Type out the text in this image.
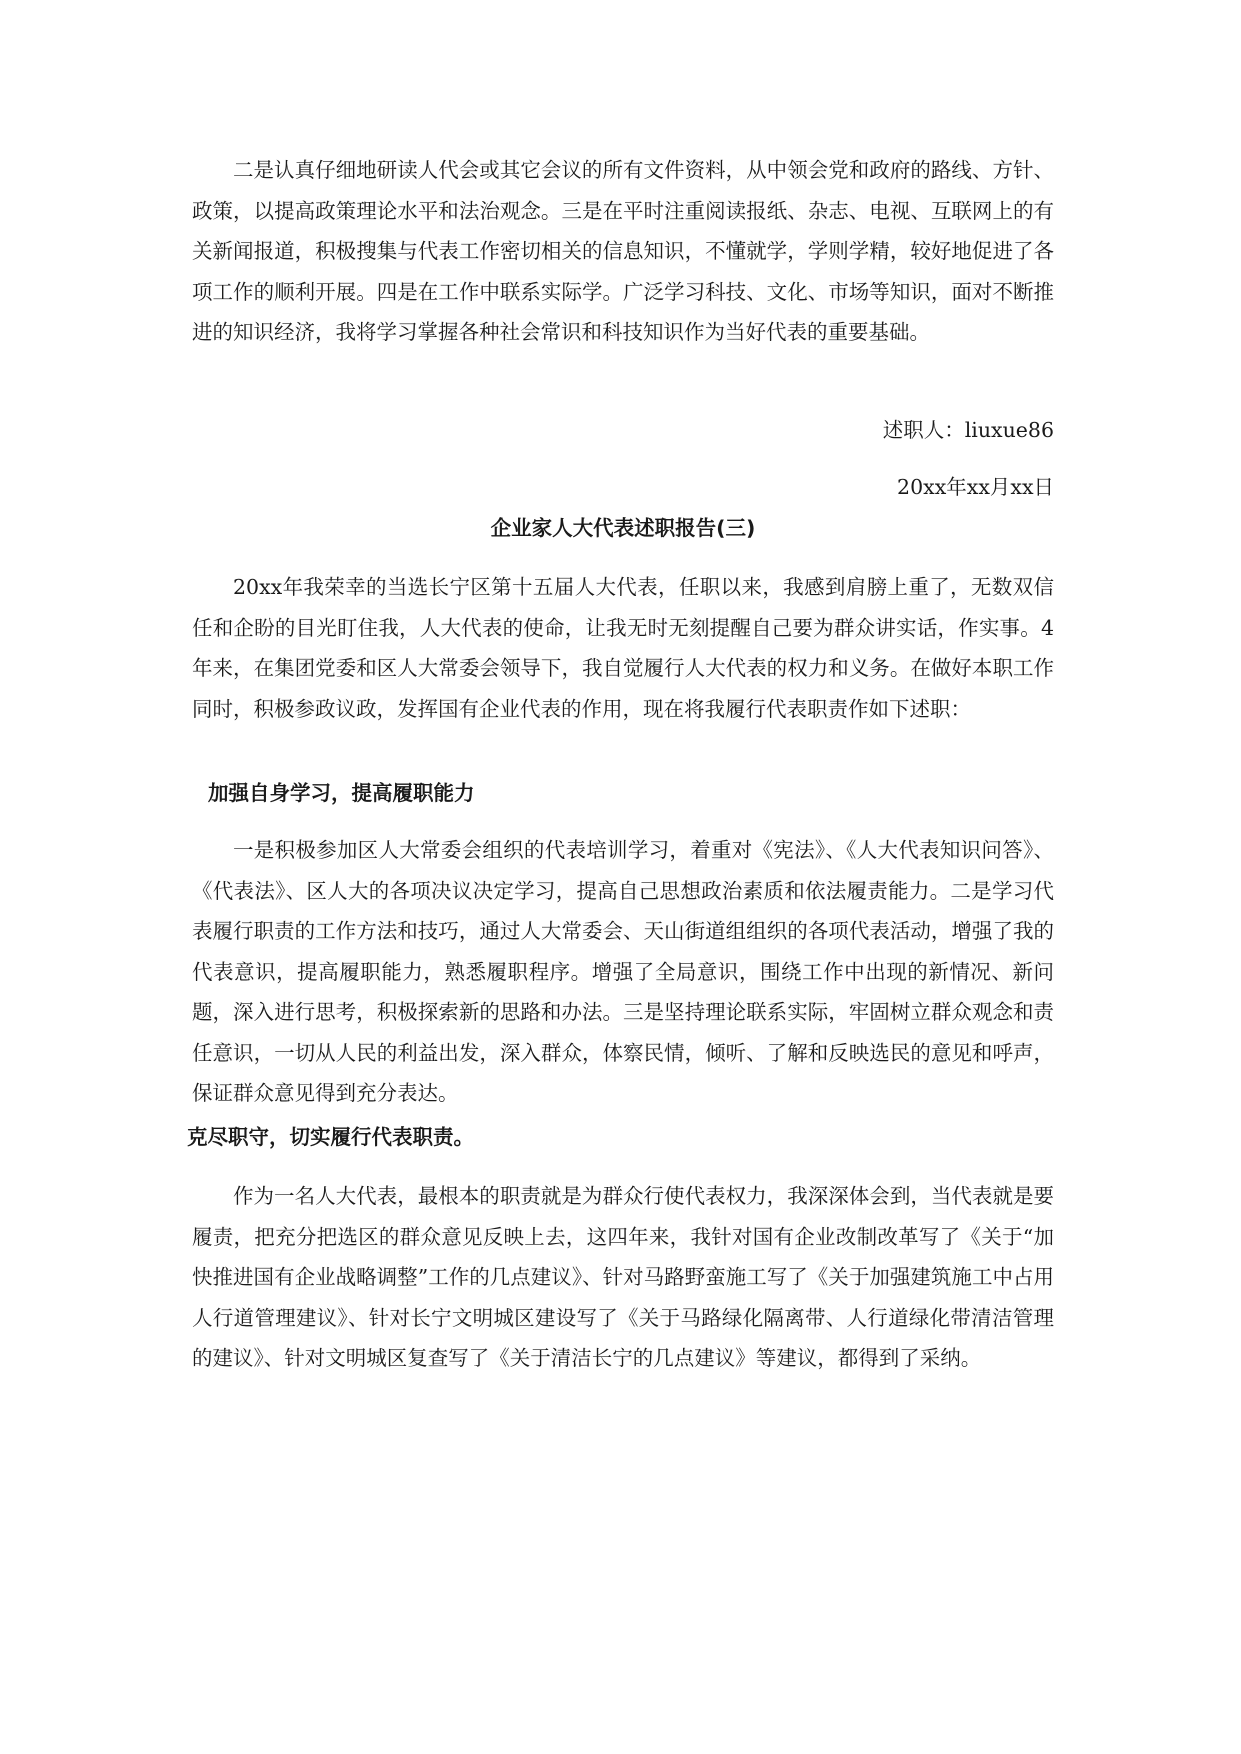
二是认真仔细地研读人代会或其它会议的所有文件资料，从中领会党和政府的路线、方针、政策，以提高政策理论水平和法治观念。三是在平时注重阅读报纸、杂志、电视、互联网上的有关新闻报道，积极搜集与代表工作密切相关的信息知识，不懂就学，学则学精，较好地促进了各项工作的顺利开展。四是在工作中联系实际学。广泛学习科技、文化、市场等知识，面对不断推进的知识经济，我将学习掌握各种社会常识和科技知识作为当好代表的重要基础。

述职人：liuxue86
20xx年xx月xx日
企业家人大代表述职报告(三)

20xx年我荣幸的当选长宁区第十五届人大代表，任职以来，我感到肩膀上重了，无数双信任和企盼的目光盯住我，人大代表的使命，让我无时无刻提醒自己要为群众讲实话，作实事。4年来，在集团党委和区人大常委会领导下，我自觉履行人大代表的权力和义务。在做好本职工作同时，积极参政议政，发挥国有企业代表的作用，现在将我履行代表职责作如下述职：

加强自身学习，提高履职能力

一是积极参加区人大常委会组织的代表培训学习，着重对《宪法》、《人大代表知识问答》、《代表法》、区人大的各项决议决定学习，提高自己思想政治素质和依法履责能力。二是学习代表履行职责的工作方法和技巧，通过人大常委会、天山街道组组织的各项代表活动，增强了我的代表意识，提高履职能力，熟悉履职程序。增强了全局意识，围绕工作中出现的新情况、新问题，深入进行思考，积极探索新的思路和办法。三是坚持理论联系实际，牢固树立群众观念和责任意识，一切从人民的利益出发，深入群众，体察民情，倾听、了解和反映选民的意见和呼声，保证群众意见得到充分表达。

克尽职守，切实履行代表职责。

作为一名人大代表，最根本的职责就是为群众行使代表权力，我深深体会到，当代表就是要履责，把充分把选区的群众意见反映上去，这四年来，我针对国有企业改制改革写了《关于“加快推进国有企业战略调整”工作的几点建议》、针对马路野蛮施工写了《关于加强建筑施工中占用人行道管理建议》、针对长宁文明城区建设写了《关于马路绿化隔离带、人行道绿化带清洁管理的建议》、针对文明城区复查写了《关于清洁长宁的几点建议》等建议，都得到了采纳。
